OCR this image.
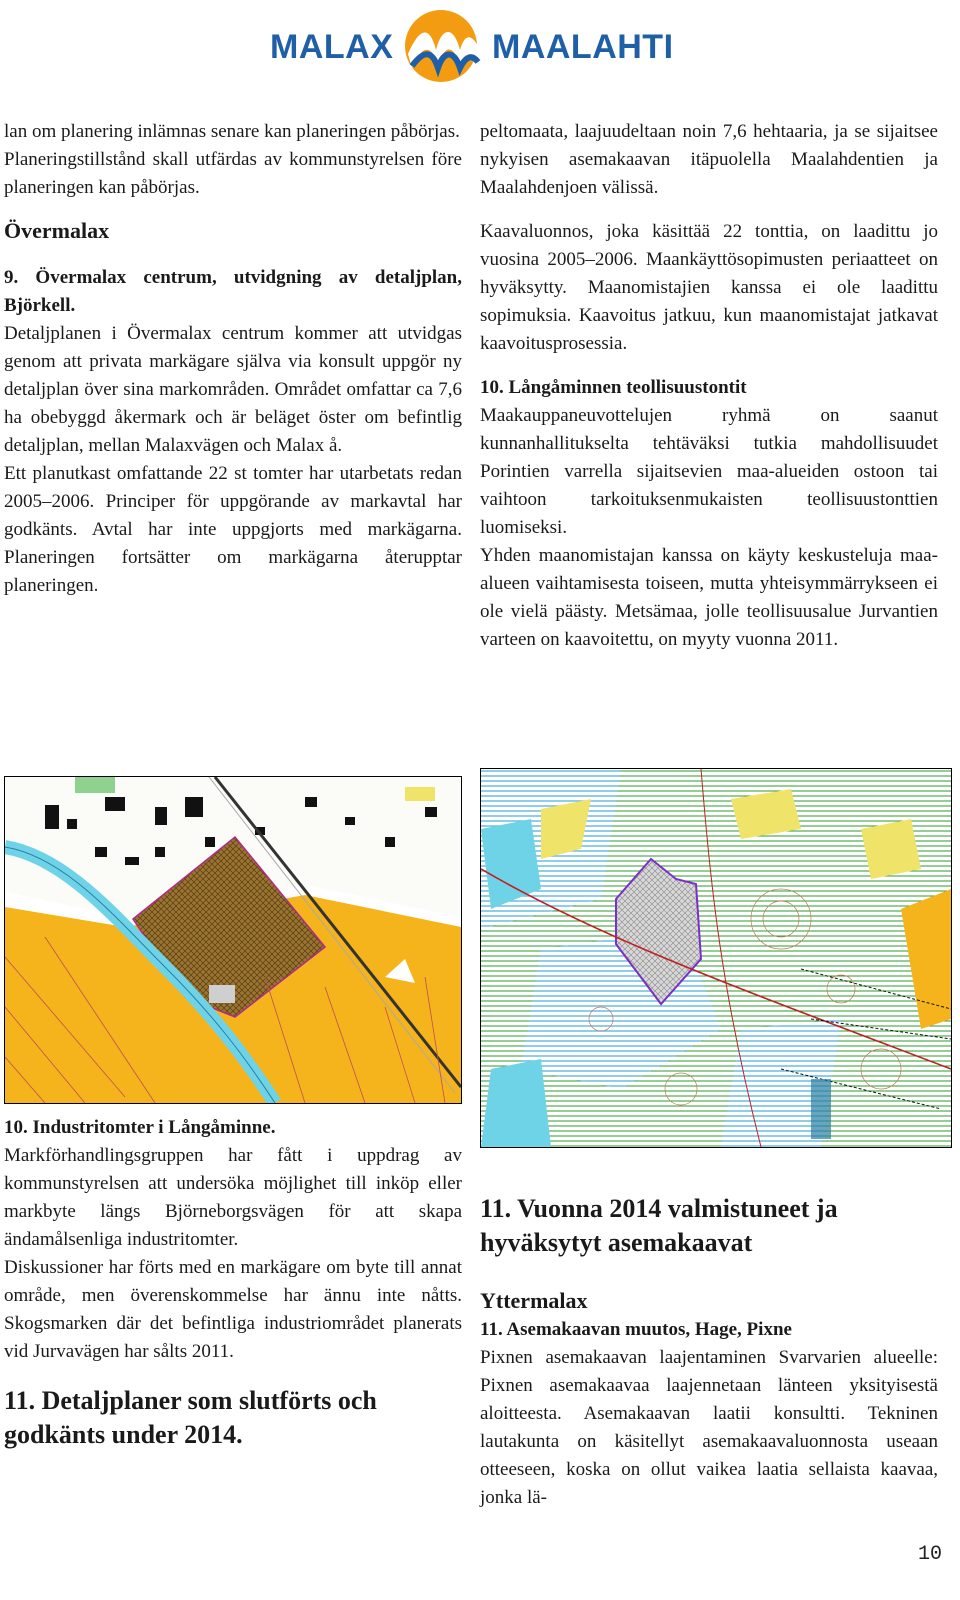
MALAX	MAALAHTI

lan om planering inlämnas senare kan planeringen påbörjas.

Planeringstillstånd skall utfärdas av kommunstyrelsen före planeringen kan påbörjas.

Övermalax

9. Övermalax centrum, utvidgning av detaljplan, Björkell.

Detaljplanen i Övermalax centrum kommer att utvidgas genom att privata markägare själva via konsult uppgör ny detaljplan över sina markområden. Området omfattar ca 7,6 ha obebyggd åkermark och är beläget öster om befintlig detaljplan, mellan Malaxvägen och Malax å.

Ett planutkast omfattande 22 st tomter har utarbetats redan 2005–2006. Principer för uppgörande av markavtal har godkänts. Avtal har inte uppgjorts med markägarna. Planeringen fortsätter om markägarna återupptar planeringen.

peltomaata, laajuudeltaan noin 7,6 hehtaaria, ja se sijaitsee nykyisen asemakaavan itäpuolella Maalahdentien ja Maalahdenjoen välissä.

Kaavaluonnos, joka käsittää 22 tonttia, on laadittu jo vuosina 2005–2006. Maankäyttösopimusten periaatteet on hyväksytty. Maanomistajien kanssa ei ole laadittu sopimuksia. Kaavoitus jatkuu, kun maanomistajat jatkavat kaavoitusprosessia.

10. Långåminnen teollisuustontit

Maakauppaneuvottelujen ryhmä on saanut kunnanhallitukselta tehtäväksi tutkia mahdollisuudet Porintien varrella sijaitsevien maa-alueiden ostoon tai vaihtoon tarkoituksenmukaisten teollisuustonttien luomiseksi.

Yhden maanomistajan kanssa on käyty keskusteluja maa-alueen vaihtamisesta toiseen, mutta yhteisymmärrykseen ei ole vielä päästy. Metsämaa, jolle teollisuusalue Jurvantien varteen on kaavoitettu, on myyty vuonna 2011.

10. Industritomter i Långåminne.

Markförhandlingsgruppen har fått i uppdrag av kommunstyrelsen att undersöka möjlighet till inköp eller markbyte längs Björneborgsvägen för att skapa ändamålsenliga industritomter.

Diskussioner har förts med en markägare om byte till annat område, men överenskommelse har ännu inte nåtts. Skogsmarken där det befintliga industriområdet planerats vid Jurvavägen har sålts 2011.

11. Detaljplaner som slutförts och godkänts under 2014.

11. Vuonna 2014 valmistuneet ja hyväksytyt asemakaavat

Yttermalax

11. Asemakaavan muutos, Hage, Pixne

Pixnen asemakaavan laajentaminen Svarvarien alueelle: Pixnen asemakaavaa laajennetaan länteen yksityisestä aloitteesta. Asemakaavan laatii konsultti. Tekninen lautakunta on käsitellyt asemakaavaluonnosta useaan otteeseen, koska on ollut vaikea laatia sellaista kaavaa, jonka lä-

10
